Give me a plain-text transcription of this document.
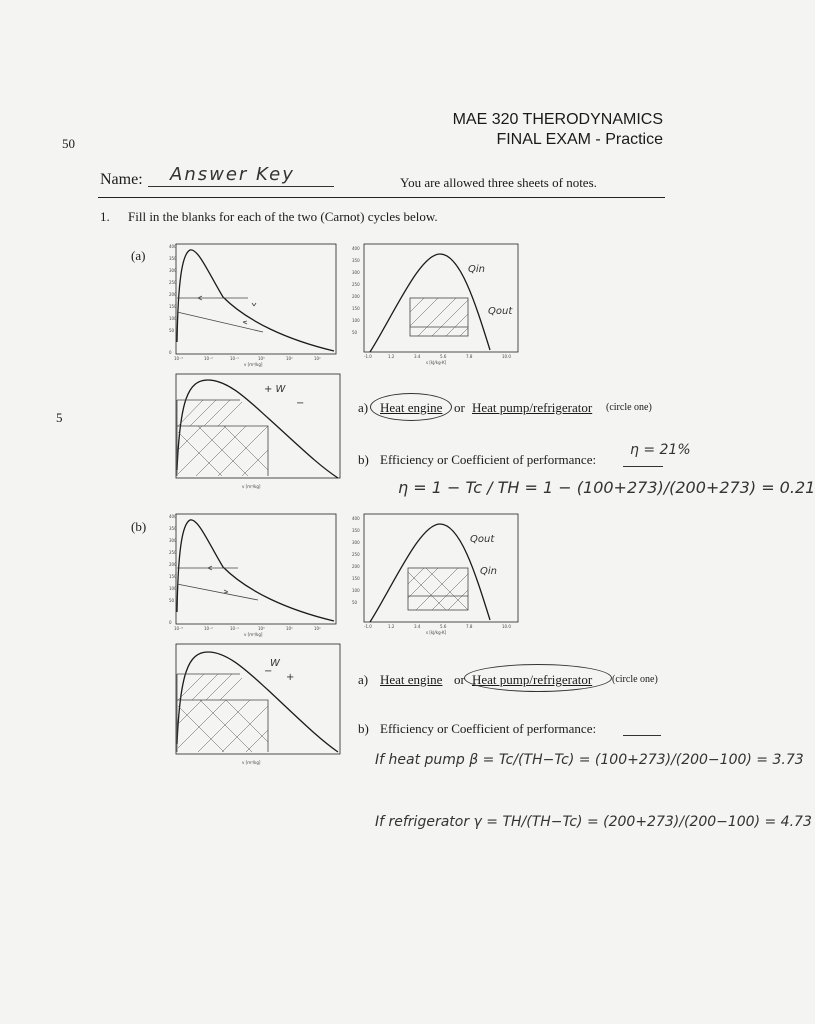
50
MAE 320 THERODYNAMICS
FINAL EXAM - Practice
Name: Answer Key	You are allowed three sheets of notes.
1. Fill in the blanks for each of the two (Carnot) cycles below.
(a)
400
350
300
250
200
150
100
50
0
10⁻³	10⁻²	10⁻¹	10⁰	10¹	10²
v [m³/kg]
400
350
300
250
200
150
100
50
Qin
Qout
-1.0	1.2	3.4	5.6	7.8	10.0
s [kJ/kg-K]
+ W
−
v [m³/kg]
5
a) Heat engine or Heat pump/refrigerator (circle one)
b) Efficiency or Coefficient of performance:
η = 21%
η = 1 − Tc / TH = 1 − (100+273)/(200+273) = 0.21
(b)
400
350
300
250
200
150
100
50
0
10⁻³	10⁻²	10⁻¹	10⁰	10¹	10²
v [m³/kg]
400
350
300
250
200
150
100
50
Qout
Qin
-1.0	1.2	3.4	5.6	7.8	10.0
s [kJ/kg-K]
W
+
−
v [m³/kg]
a) Heat engine or Heat pump/refrigerator (circle one)
b) Efficiency or Coefficient of performance:
If heat pump β = Tc/(TH−Tc) = (100+273)/(200−100) = 3.73
If refrigerator γ = TH/(TH−Tc) = (200+273)/(200−100) = 4.73
